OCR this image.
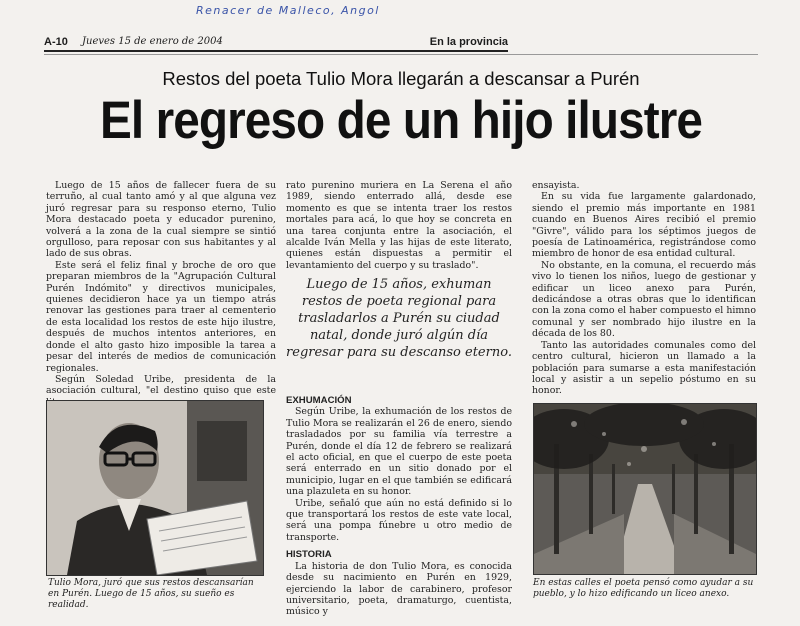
Renacer de Malleco, Angol
A-10 Jueves 15 de enero de 2004	En la provincia
Restos del poeta Tulio Mora llegarán a descansar a Purén
El regreso de un hijo ilustre

Luego de 15 años de fallecer fuera de su terruño, al cual tanto amó y al que alguna vez juró regresar para su responso eterno, Tulio Mora destacado poeta y educador purenino, volverá a la zona de la cual siempre se sintió orgulloso, para reposar con sus habitantes y al lado de sus obras.

Este será el feliz final y broche de oro que preparan miembros de la "Agrupación Cultural Purén Indómito" y directivos municipales, quienes decidieron hace ya un tiempo atrás renovar las gestiones para traer al cementerio de esta localidad los restos de este hijo ilustre, después de muchos intentos anteriores, en donde el alto gasto hizo imposible la tarea a pesar del interés de medios de comunicación regionales.

Según Soledad Uribe, presidenta de la asociación cultural, "el destino quiso que este

rato purenino muriera en La Serena el año 1989, siendo enterrado allá, desde ese momento es que se intenta traer los restos mortales para acá, lo que hoy se concreta en una tarea conjunta entre la asociación, el alcalde Iván Mella y las hijas de este literato, quienes están dispuestas a permitir el levantamiento del cuerpo y su traslado".

Luego de 15 años, exhuman restos de poeta regional para trasladarlos a Purén su ciudad natal, donde juró algún día regresar para su descanso eterno.

EXHUMACIÓN

Según Uribe, la exhumación de los restos de Tulio Mora se realizarán el 26 de enero, siendo trasladados por su familia vía terrestre a Purén, donde el día 12 de febrero se realizará el acto oficial, en que el cuerpo de este poeta será enterrado en un sitio donado por el municipio, lugar en el que también se edificará una plazuleta en su honor.

Uribe, señaló que aún no está definido si lo que transportará los restos de este vate local, será una pompa fúnebre u otro medio de transporte.

HISTORIA

La historia de don Tulio Mora, es conocida desde su nacimiento en Purén en 1929, ejerciendo la labor de carabinero, profesor universitario, poeta, dramaturgo, cuentista, músico y

ensayista.

En su vida fue largamente galardonado, siendo el premio más importante en 1981 cuando en Buenos Aires recibió el premio "Givre", válido para los séptimos juegos de poesía de Latinoamérica, registrándose como miembro de honor de esa entidad cultural.

No obstante, en la comuna, el recuerdo más vivo lo tienen los niños, luego de gestionar y edificar un liceo anexo para Purén, dedicándose a otras obras que lo identifican con la zona como el haber compuesto el himno comunal y ser nombrado hijo ilustre en la década de los 80.

Tanto las autoridades comunales como del centro cultural, hicieron un llamado a la población para sumarse a esta manifestación local y asistir a un sepelio póstumo en su honor.

Tulio Mora, juró que sus restos descansarían en Purén. Luego de 15 años, su sueño es realidad.
En estas calles el poeta pensó como ayudar a su pueblo, y lo hizo edificando un liceo anexo.
